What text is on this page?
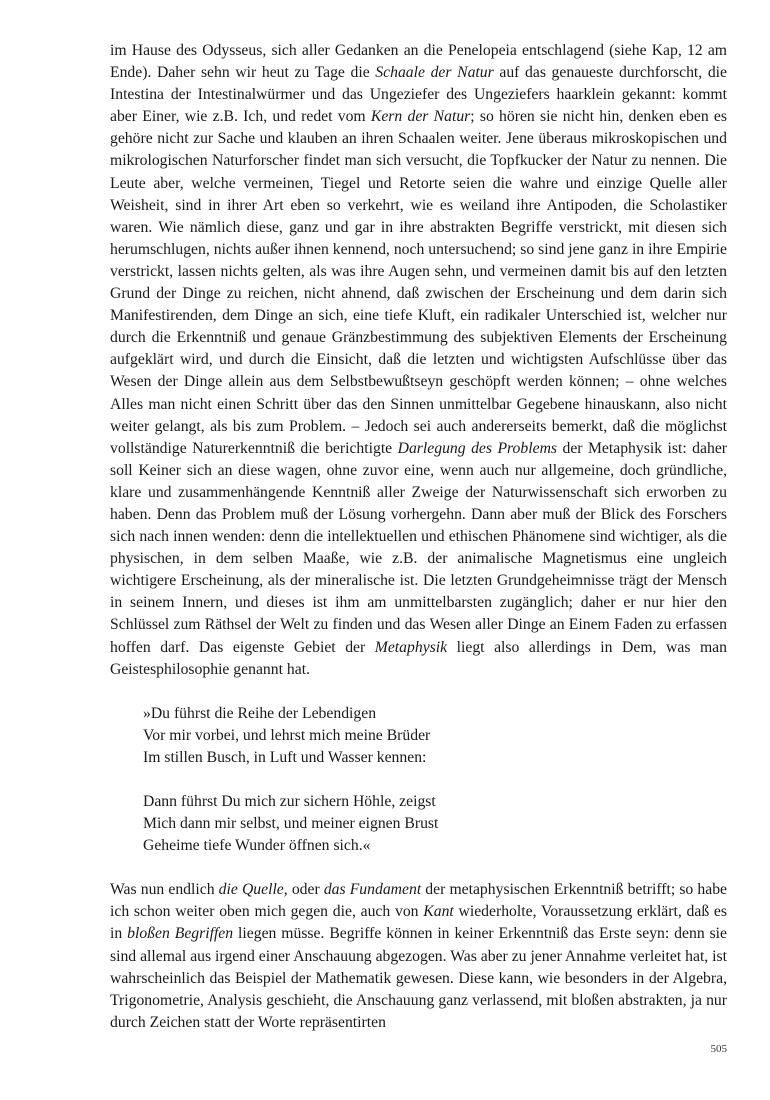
im Hause des Odysseus, sich aller Gedanken an die Penelopeia entschlagend (siehe Kap, 12 am Ende). Daher sehn wir heut zu Tage die Schaale der Natur auf das genaueste durchforscht, die Intestina der Intestinalwürmer und das Ungeziefer des Ungeziefers haarklein gekannt: kommt aber Einer, wie z.B. Ich, und redet vom Kern der Natur; so hören sie nicht hin, denken eben es gehöre nicht zur Sache und klauben an ihren Schaalen weiter. Jene überaus mikroskopischen und mikrologischen Naturforscher findet man sich versucht, die Topfkucker der Natur zu nennen. Die Leute aber, welche vermeinen, Tiegel und Retorte seien die wahre und einzige Quelle aller Weisheit, sind in ihrer Art eben so verkehrt, wie es weiland ihre Antipoden, die Scholastiker waren. Wie nämlich diese, ganz und gar in ihre abstrakten Begriffe verstrickt, mit diesen sich herumschlugen, nichts außer ihnen kennend, noch untersuchend; so sind jene ganz in ihre Empirie verstrickt, lassen nichts gelten, als was ihre Augen sehn, und vermeinen damit bis auf den letzten Grund der Dinge zu reichen, nicht ahnend, daß zwischen der Erscheinung und dem darin sich Manifestirenden, dem Dinge an sich, eine tiefe Kluft, ein radikaler Unterschied ist, welcher nur durch die Erkenntniß und genaue Gränzbestimmung des subjektiven Elements der Erscheinung aufgeklärt wird, und durch die Einsicht, daß die letzten und wichtigsten Aufschlüsse über das Wesen der Dinge allein aus dem Selbstbewußtseyn geschöpft werden können; – ohne welches Alles man nicht einen Schritt über das den Sinnen unmittelbar Gegebene hinauskann, also nicht weiter gelangt, als bis zum Problem. – Jedoch sei auch andererseits bemerkt, daß die möglichst vollständige Naturerkenntniß die berichtigte Darlegung des Problems der Metaphysik ist: daher soll Keiner sich an diese wagen, ohne zuvor eine, wenn auch nur allgemeine, doch gründliche, klare und zusammenhängende Kenntniß aller Zweige der Naturwissenschaft sich erworben zu haben. Denn das Problem muß der Lösung vorhergehn. Dann aber muß der Blick des Forschers sich nach innen wenden: denn die intellektuellen und ethischen Phänomene sind wichtiger, als die physischen, in dem selben Maaße, wie z.B. der animalische Magnetismus eine ungleich wichtigere Erscheinung, als der mineralische ist. Die letzten Grundgeheimnisse trägt der Mensch in seinem Innern, und dieses ist ihm am unmittelbarsten zugänglich; daher er nur hier den Schlüssel zum Räthsel der Welt zu finden und das Wesen aller Dinge an Einem Faden zu erfassen hoffen darf. Das eigenste Gebiet der Metaphysik liegt also allerdings in Dem, was man Geistesphilosophie genannt hat.

»Du führst die Reihe der Lebendigen
Vor mir vorbei, und lehrst mich meine Brüder
Im stillen Busch, in Luft und Wasser kennen:
Dann führst Du mich zur sichern Höhle, zeigst
Mich dann mir selbst, und meiner eignen Brust
Geheime tiefe Wunder öffnen sich.«

Was nun endlich die Quelle, oder das Fundament der metaphysischen Erkenntniß betrifft; so habe ich schon weiter oben mich gegen die, auch von Kant wiederholte, Voraussetzung erklärt, daß es in bloßen Begriffen liegen müsse. Begriffe können in keiner Erkenntniß das Erste seyn: denn sie sind allemal aus irgend einer Anschauung abgezogen. Was aber zu jener Annahme verleitet hat, ist wahrscheinlich das Beispiel der Mathematik gewesen. Diese kann, wie besonders in der Algebra, Trigonometrie, Analysis geschieht, die Anschauung ganz verlassend, mit bloßen abstrakten, ja nur durch Zeichen statt der Worte repräsentirten

505
